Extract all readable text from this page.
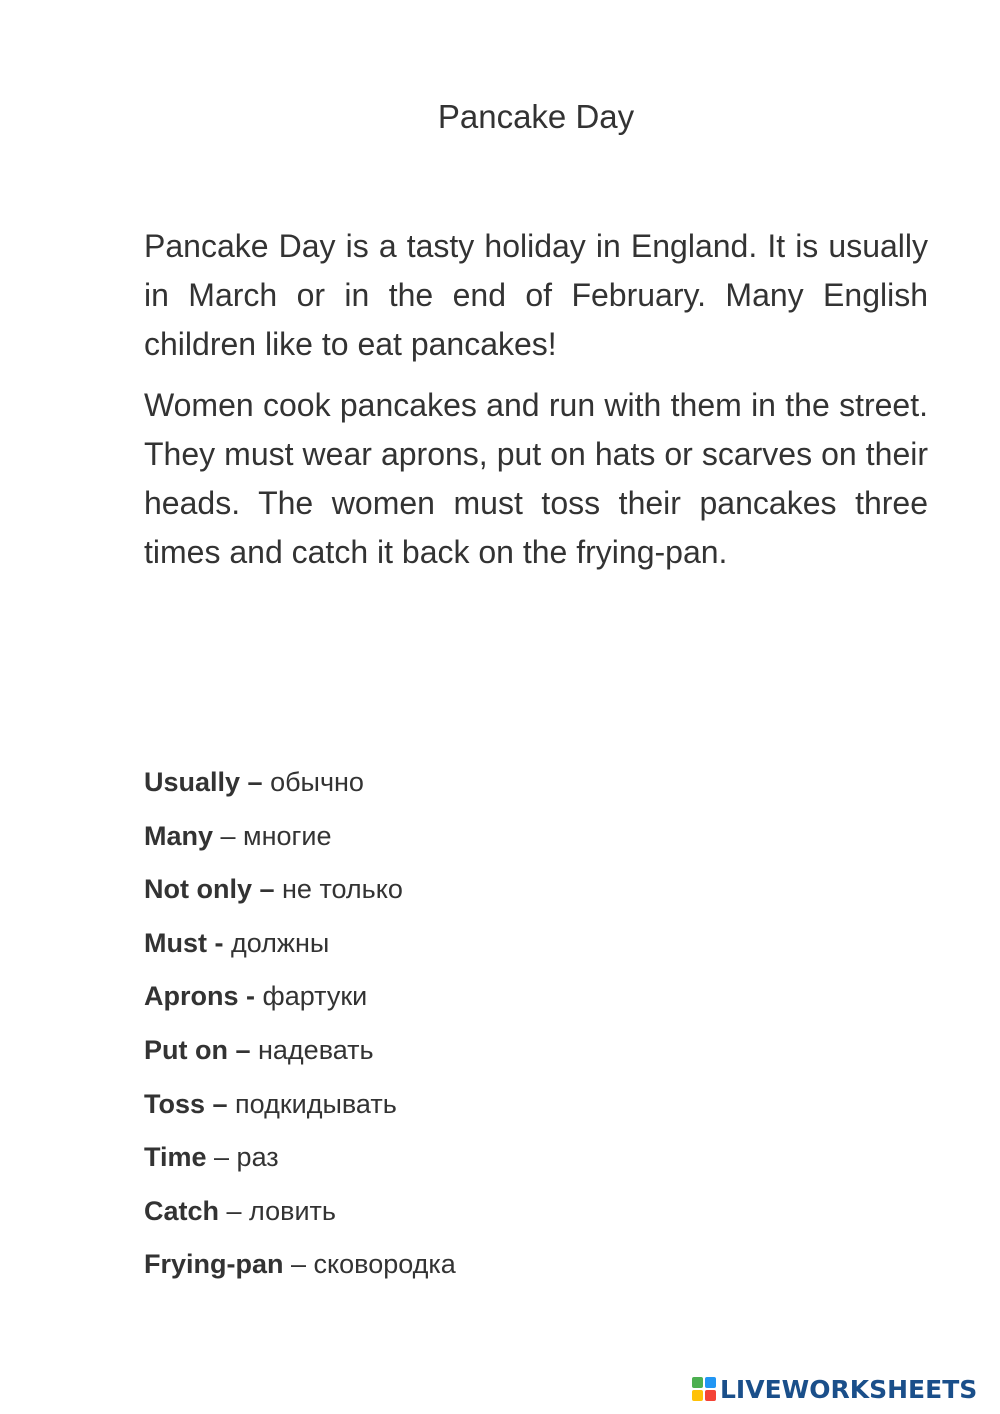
Pancake Day

Pancake Day is a tasty holiday in England. It is usually in March or in the end of February. Many English children like to eat pancakes!

Women cook pancakes and run with them in the street. They must wear aprons, put on hats or scarves on their heads. The women must toss their pancakes three times and catch it back on the frying-pan.

Usually – обычно
Many – многие
Not only – не только
Must - должны
Aprons - фартуки
Put on – надевать
Toss – подкидывать
Time – раз
Catch – ловить
Frying-pan – сковородка
LIVEWORKSHEETS
